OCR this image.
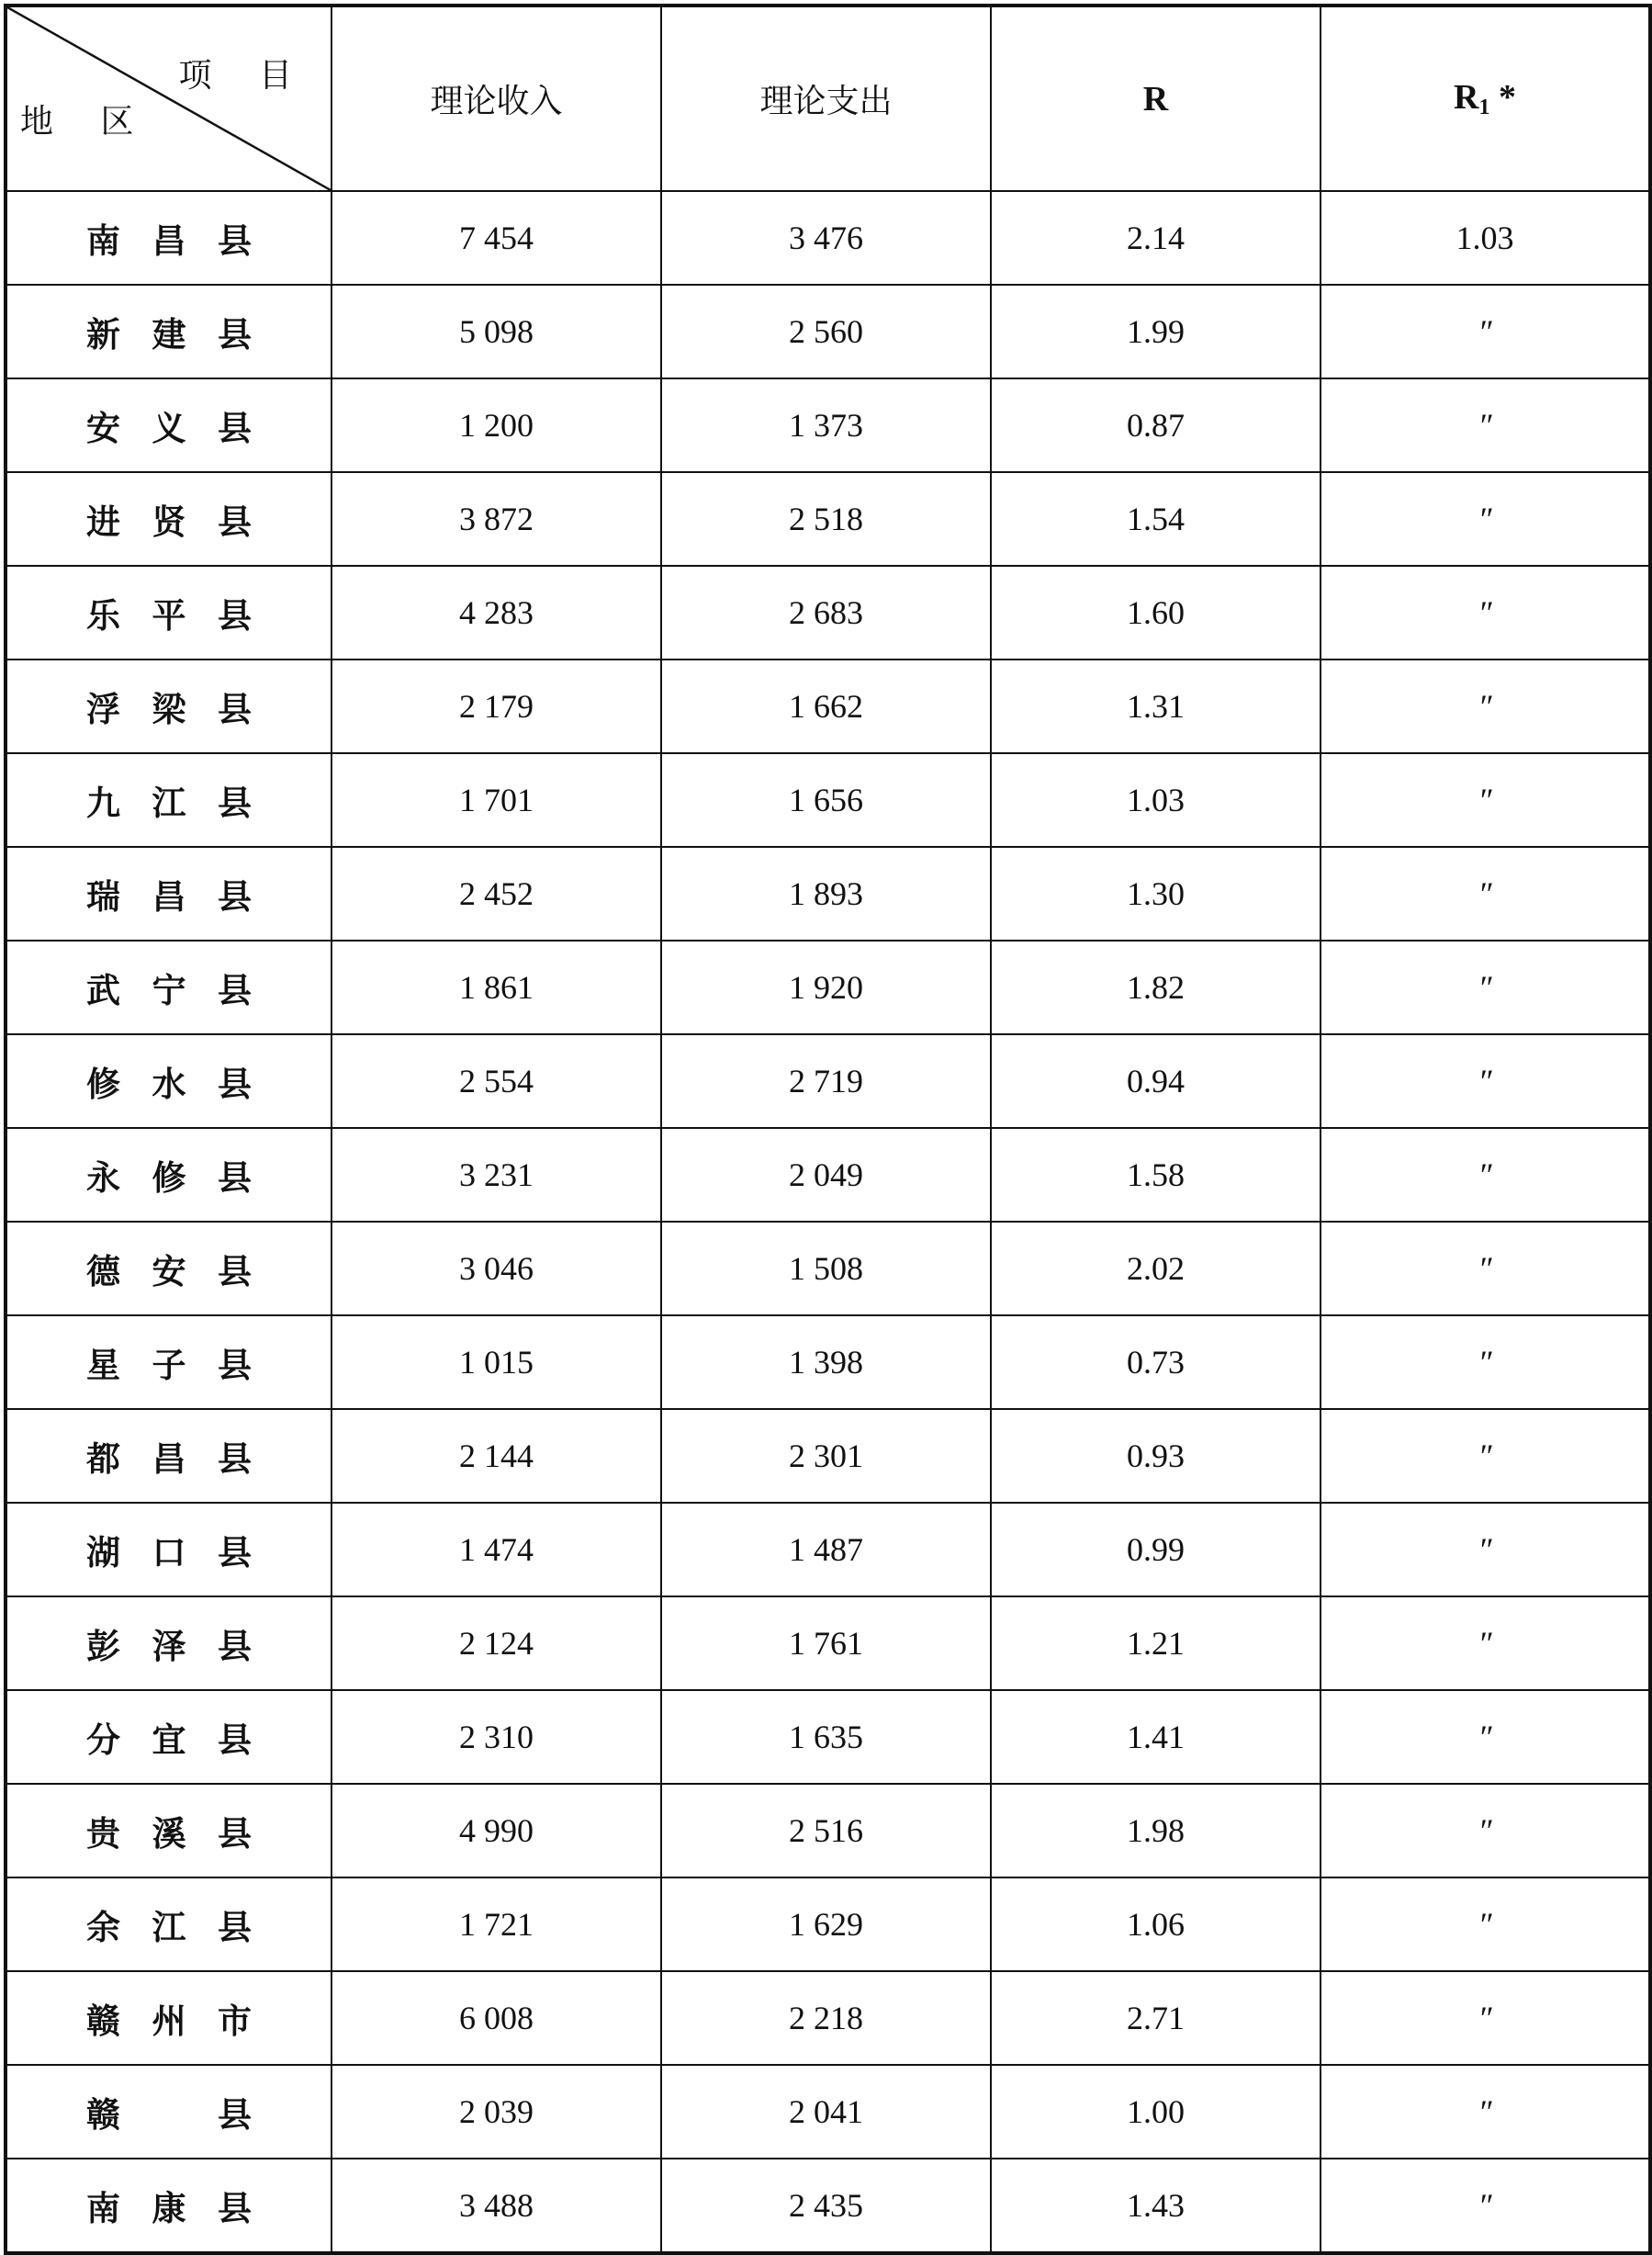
项 目
地 区	理论收入	理论支出	R	$R_1$ *

南 昌 县	7 454	3 476	2.14	1.03

新 建 县	5 098	2 560	1.99	″

安 义 县	1 200	1 373	0.87	″

进 贤 县	3 872	2 518	1.54	″

乐 平 县	4 283	2 683	1.60	″

浮 梁 县	2 179	1 662	1.31	″

九 江 县	1 701	1 656	1.03	″

瑞 昌 县	2 452	1 893	1.30	″

武 宁 县	1 861	1 920	1.82	″

修 水 县	2 554	2 719	0.94	″

永 修 县	3 231	2 049	1.58	″

德 安 县	3 046	1 508	2.02	″

星 子 县	1 015	1 398	0.73	″

都 昌 县	2 144	2 301	0.93	″

湖 口 县	1 474	1 487	0.99	″

彭 泽 县	2 124	1 761	1.21	″

分 宜 县	2 310	1 635	1.41	″

贵 溪 县	4 990	2 516	1.98	″

余 江 县	1 721	1 629	1.06	″

赣 州 市	6 008	2 218	2.71	″

赣 县	2 039	2 041	1.00	″

南 康 县	3 488	2 435	1.43	″
